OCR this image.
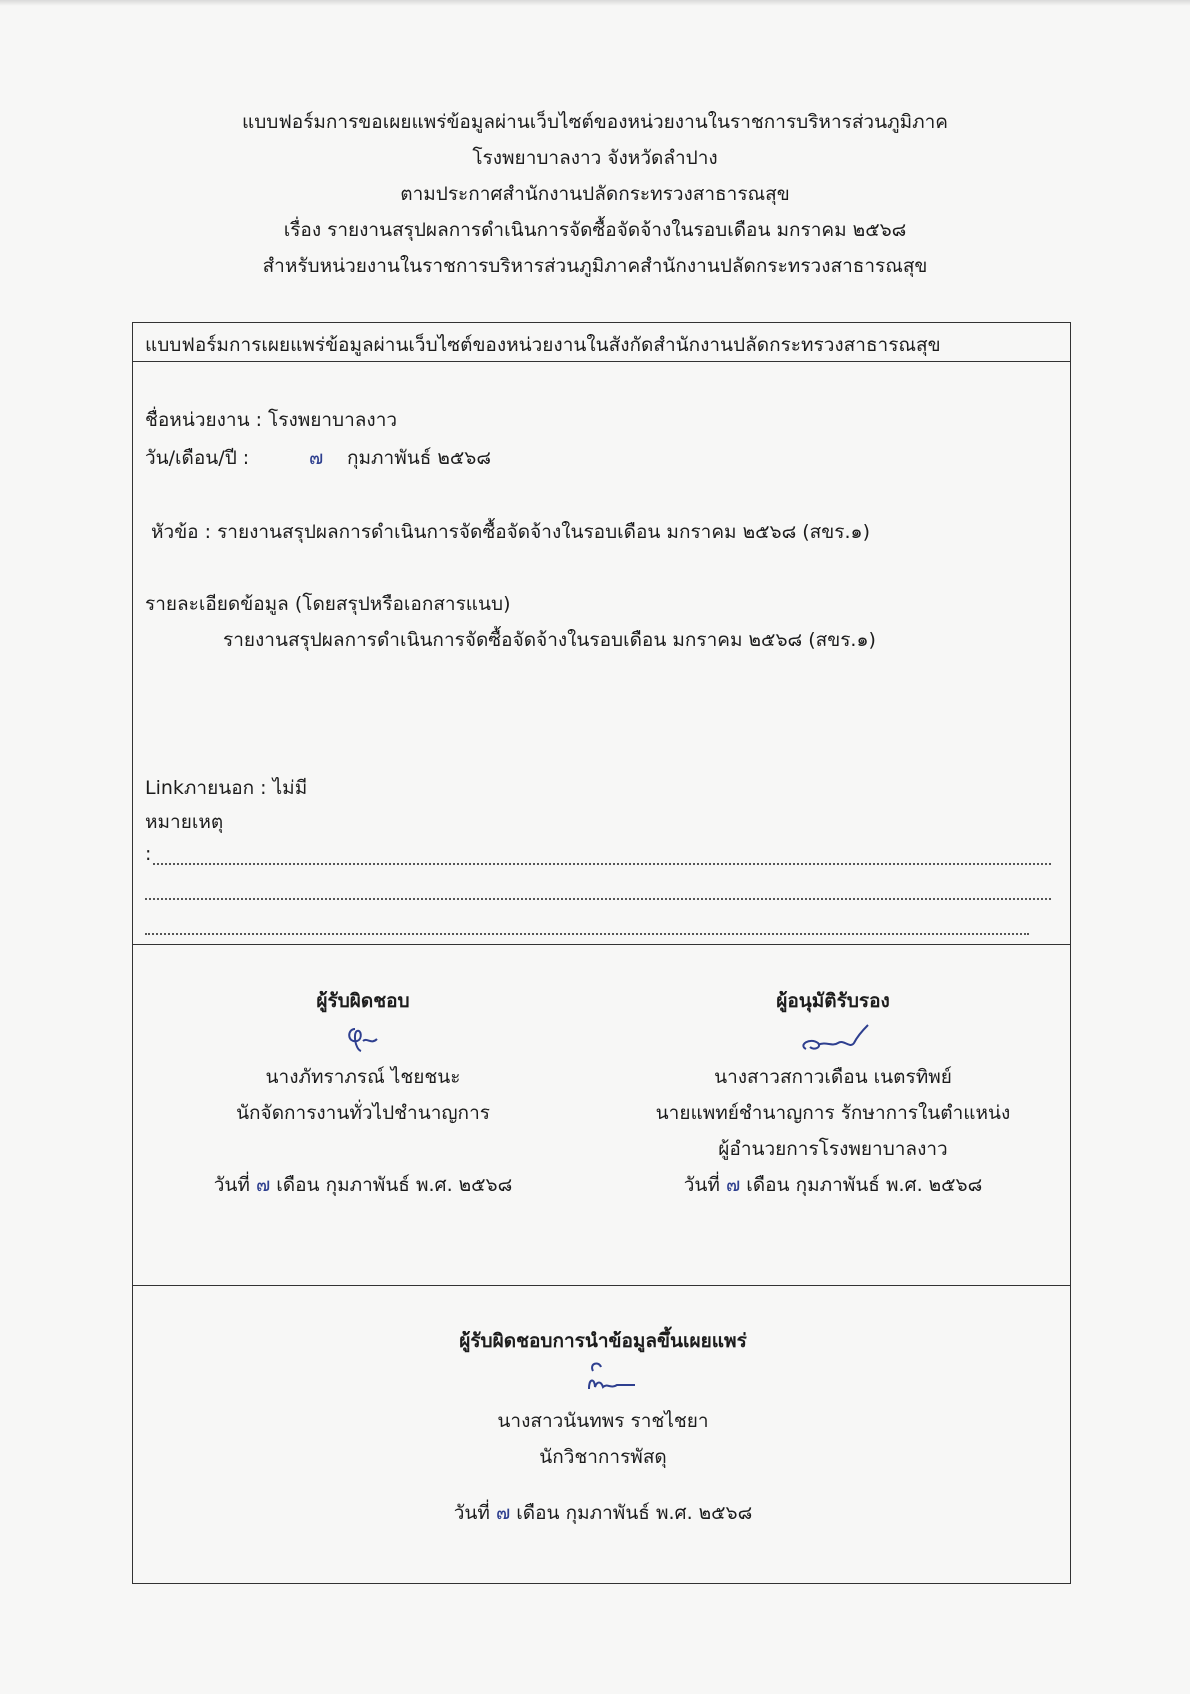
แบบฟอร์มการขอเผยแพร่ข้อมูลผ่านเว็บไซต์ของหน่วยงานในราชการบริหารส่วนภูมิภาค
โรงพยาบาลงาว จังหวัดลำปาง
ตามประกาศสำนักงานปลัดกระทรวงสาธารณสุข
เรื่อง รายงานสรุปผลการดำเนินการจัดซื้อจัดจ้างในรอบเดือน มกราคม ๒๕๖๘
สำหรับหน่วยงานในราชการบริหารส่วนภูมิภาคสำนักงานปลัดกระทรวงสาธารณสุข
แบบฟอร์มการเผยแพร่ข้อมูลผ่านเว็บไซต์ของหน่วยงานในสังกัดสำนักงานปลัดกระทรวงสาธารณสุข
ชื่อหน่วยงาน : โรงพยาบาลงาว
วัน/เดือน/ปี :	๗ กุมภาพันธ์ ๒๕๖๘
หัวข้อ : รายงานสรุปผลการดำเนินการจัดซื้อจัดจ้างในรอบเดือน มกราคม ๒๕๖๘ (สขร.๑)
รายละเอียดข้อมูล (โดยสรุปหรือเอกสารแนบ)
รายงานสรุปผลการดำเนินการจัดซื้อจัดจ้างในรอบเดือน มกราคม ๒๕๖๘ (สขร.๑)
Linkภายนอก : ไม่มี
หมายเหตุ
:
ผู้รับผิดชอบ
นางภัทราภรณ์ ไชยชนะ
นักจัดการงานทั่วไปชำนาญการ
วันที่ ๗ เดือน กุมภาพันธ์ พ.ศ. ๒๕๖๘
ผู้อนุมัติรับรอง
นางสาวสกาวเดือน เนตรทิพย์
นายแพทย์ชำนาญการ รักษาการในตำแหน่ง
ผู้อำนวยการโรงพยาบาลงาว
วันที่ ๗ เดือน กุมภาพันธ์ พ.ศ. ๒๕๖๘
ผู้รับผิดชอบการนำข้อมูลขึ้นเผยแพร่
นางสาวนันทพร ราชไชยา
นักวิชาการพัสดุ
วันที่ ๗ เดือน กุมภาพันธ์ พ.ศ. ๒๕๖๘
